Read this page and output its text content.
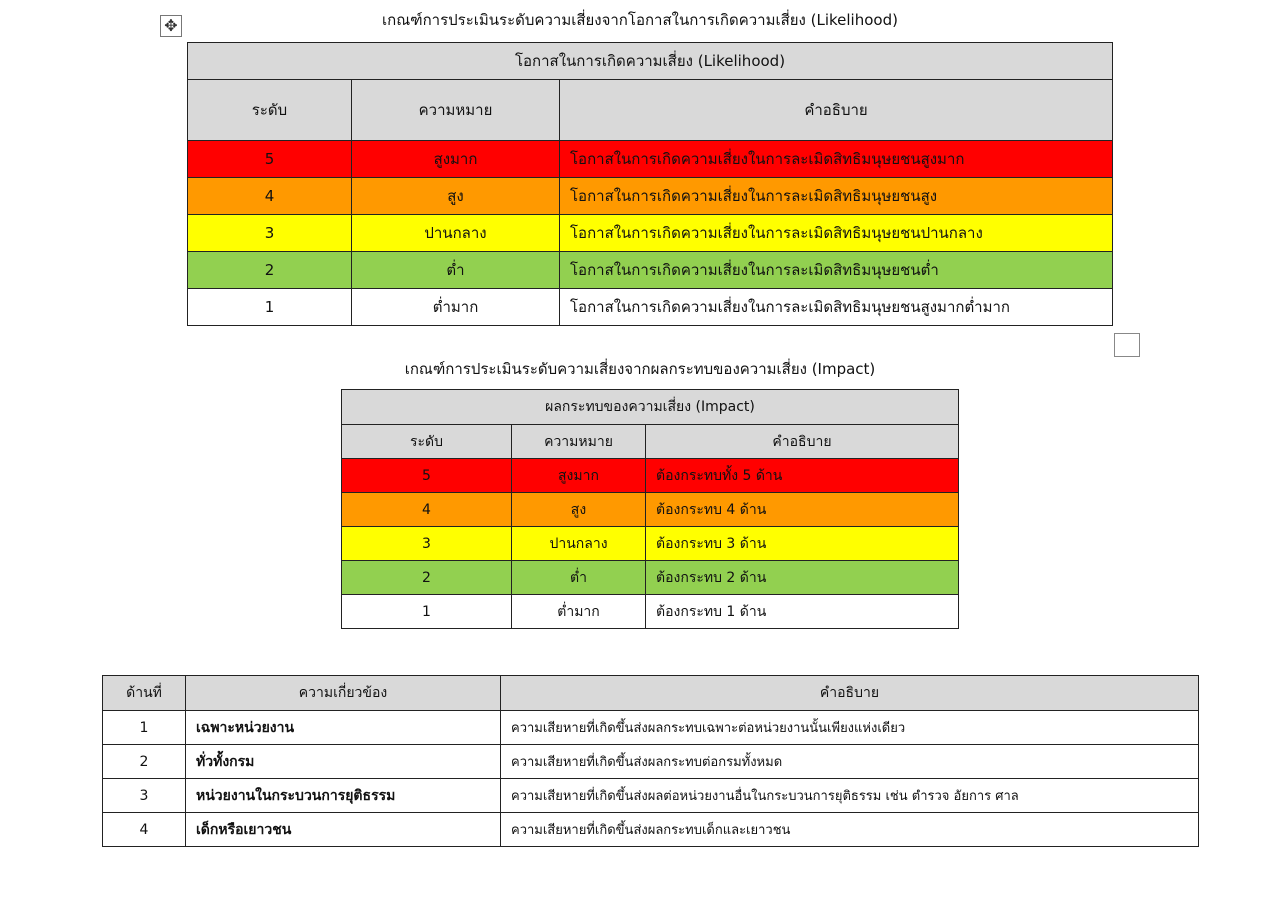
✥	เกณฑ์การประเมินระดับความเสี่ยงจากโอกาสในการเกิดความเสี่ยง (Likelihood)
โอกาสในการเกิดความเสี่ยง (Likelihood)		
ระดับ	ความหมาย	คำอธิบาย
5	สูงมาก	โอกาสในการเกิดความเสี่ยงในการละเมิดสิทธิมนุษยชนสูงมาก
4	สูง	โอกาสในการเกิดความเสี่ยงในการละเมิดสิทธิมนุษยชนสูง
3	ปานกลาง	โอกาสในการเกิดความเสี่ยงในการละเมิดสิทธิมนุษยชนปานกลาง
2	ต่ำ	โอกาสในการเกิดความเสี่ยงในการละเมิดสิทธิมนุษยชนต่ำ
1	ต่ำมาก	โอกาสในการเกิดความเสี่ยงในการละเมิดสิทธิมนุษยชนสูงมากต่ำมาก
เกณฑ์การประเมินระดับความเสี่ยงจากผลกระทบของความเสี่ยง (Impact)
ผลกระทบของความเสี่ยง (Impact)		
ระดับ	ความหมาย	คำอธิบาย
5	สูงมาก	ต้องกระทบทั้ง 5 ด้าน
4	สูง	ต้องกระทบ 4 ด้าน
3	ปานกลาง	ต้องกระทบ 3 ด้าน
2	ต่ำ	ต้องกระทบ 2 ด้าน
1	ต่ำมาก	ต้องกระทบ 1 ด้าน
ด้านที่	ความเกี่ยวข้อง	คำอธิบาย
1	เฉพาะหน่วยงาน	ความเสียหายที่เกิดขึ้นส่งผลกระทบเฉพาะต่อหน่วยงานนั้นเพียงแห่งเดียว
2	ทั่วทั้งกรม	ความเสียหายที่เกิดขึ้นส่งผลกระทบต่อกรมทั้งหมด
3	หน่วยงานในกระบวนการยุติธรรม	ความเสียหายที่เกิดขึ้นส่งผลต่อหน่วยงานอื่นในกระบวนการยุติธรรม เช่น ตำรวจ อัยการ ศาล
4	เด็กหรือเยาวชน	ความเสียหายที่เกิดขึ้นส่งผลกระทบเด็กและเยาวชน
